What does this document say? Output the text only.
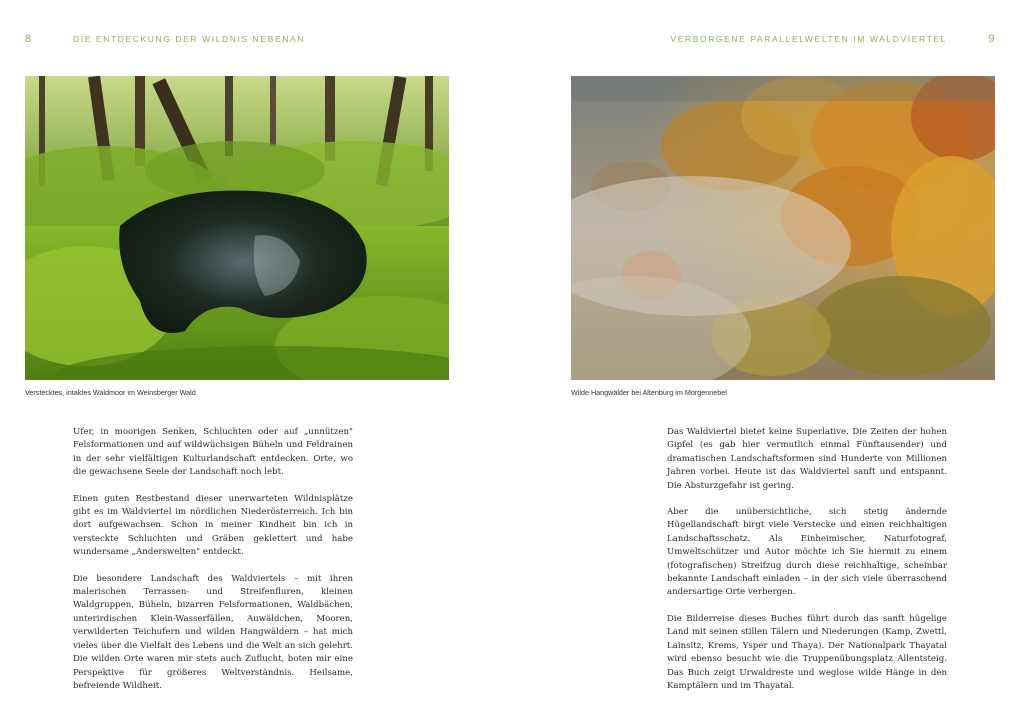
8	DIE ENTDECKUNG DER WILDNIS NEBENAN
Verstecktes, intaktes Waldmoor im Weinsberger Wald

Ufer, in moorigen Senken, Schluchten oder auf „unnützen" Felsformationen und auf wildwüchsigen Büheln und Feldrainen in der sehr vielfältigen Kulturlandschaft entdecken. Orte, wo die gewachsene Seele der Landschaft noch lebt.

Einen guten Restbestand dieser unerwarteten Wildnisplätze gibt es im Waldviertel im nördlichen Niederösterreich. Ich bin dort aufgewachsen. Schon in meiner Kindheit bin ich in versteckte Schluchten und Gräben geklettert und habe wundersame „Anderswelten" entdeckt.

Die besondere Landschaft des Waldviertels – mit ihren malerischen Terrassen- und Streifenfluren, kleinen Waldgruppen, Büheln, bizarren Felsformationen, Waldbächen, unterirdischen Klein-Wasserfällen, Auwäldchen, Mooren, verwilderten Teichufern und wilden Hangwäldern – hat mich vieles über die Vielfalt des Lebens und die Welt an sich gelehrt. Die wilden Orte waren mir stets auch Zuflucht, boten mir eine Perspektive für größeres Weltverständnis. Heilsame, befreiende Wildheit.

VERBORGENE PARALLELWELTEN IM WALDVIERTEL	9
Wilde Hangwälder bei Altenburg im Morgennebel

Das Waldviertel bietet keine Superlative. Die Zeiten der hohen Gipfel (es gab hier vermutlich einmal Fünftausender) und dramatischen Landschaftsformen sind Hunderte von Millionen Jahren vorbei. Heute ist das Waldviertel sanft und entspannt. Die Absturzgefahr ist gering.

Aber die unübersichtliche, sich stetig ändernde Hügellandschaft birgt viele Verstecke und einen reichhaltigen Landschaftsschatz. Als Einheimischer, Naturfotograf, Umweltschützer und Autor möchte ich Sie hiermit zu einem (fotografischen) Streifzug durch diese reichhaltige, scheinbar bekannte Landschaft einladen – in der sich viele überraschend andersartige Orte verbergen.

Die Bilderreise dieses Buches führt durch das sanft hügelige Land mit seinen stillen Tälern und Niederungen (Kamp, Zwettl, Lainsitz, Krems, Ysper und Thaya). Der Nationalpark Thayatal wird ebenso besucht wie die Truppenübungsplatz Allentsteig. Das Buch zeigt Urwaldreste und weglose wilde Hänge in den Kamptälern und im Thayatal.
